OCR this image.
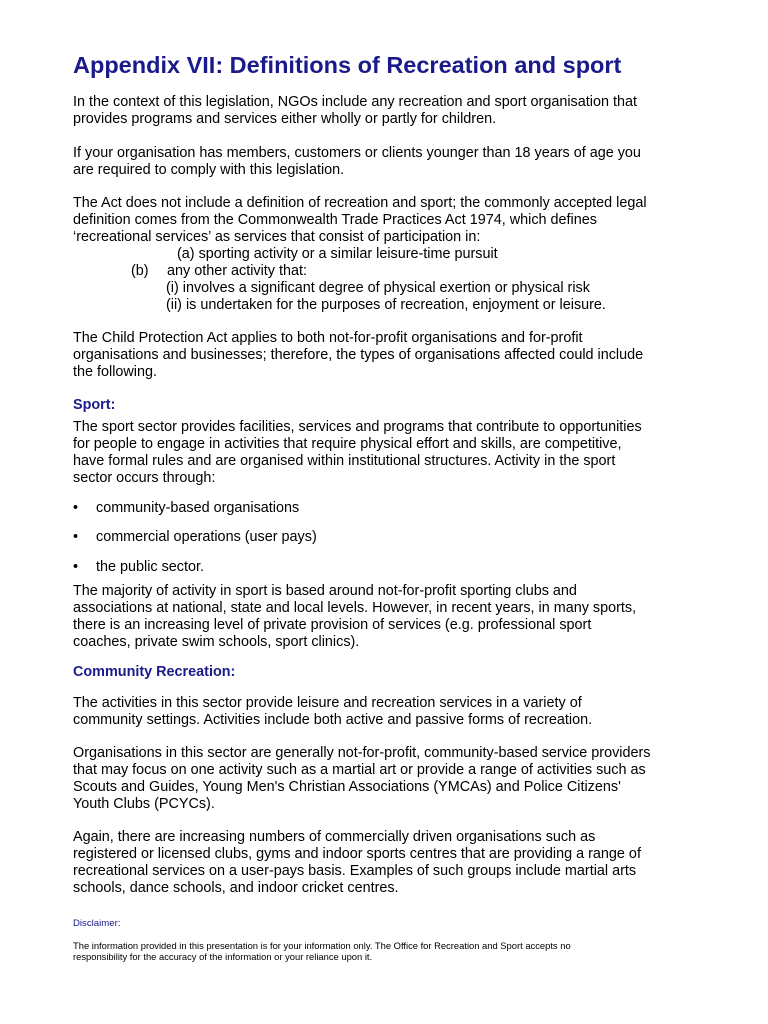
Appendix VII: Definitions of Recreation and sport

In the context of this legislation, NGOs include any recreation and sport organisation that
provides programs and services either wholly or partly for children.

If your organisation has members, customers or clients younger than 18 years of age you
are required to comply with this legislation.

The Act does not include a definition of recreation and sport; the commonly accepted legal
definition comes from the Commonwealth Trade Practices Act 1974, which defines
‘recreational services’ as services that consist of participation in:

(a) sporting activity or a similar leisure-time pursuit

(b) any other activity that:

(i) involves a significant degree of physical exertion or physical risk

(ii) is undertaken for the purposes of recreation, enjoyment or leisure.

The Child Protection Act applies to both not-for-profit organisations and for-profit
organisations and businesses; therefore, the types of organisations affected could include
the following.

Sport:

The sport sector provides facilities, services and programs that contribute to opportunities
for people to engage in activities that require physical effort and skills, are competitive,
have formal rules and are organised within institutional structures. Activity in the sport
sector occurs through:

•	community-based organisations
•	commercial operations (user pays)
•	the public sector.

The majority of activity in sport is based around not-for-profit sporting clubs and
associations at national, state and local levels. However, in recent years, in many sports,
there is an increasing level of private provision of services (e.g. professional sport
coaches, private swim schools, sport clinics).

Community Recreation:

The activities in this sector provide leisure and recreation services in a variety of
community settings. Activities include both active and passive forms of recreation.

Organisations in this sector are generally not-for-profit, community-based service providers
that may focus on one activity such as a martial art or provide a range of activities such as
Scouts and Guides, Young Men's Christian Associations (YMCAs) and Police Citizens'
Youth Clubs (PCYCs).

Again, there are increasing numbers of commercially driven organisations such as
registered or licensed clubs, gyms and indoor sports centres that are providing a range of
recreational services on a user-pays basis. Examples of such groups include martial arts
schools, dance schools, and indoor cricket centres.

Disclaimer:

The information provided in this presentation is for your information only. The Office for Recreation and Sport accepts no
responsibility for the accuracy of the information or your reliance upon it.
